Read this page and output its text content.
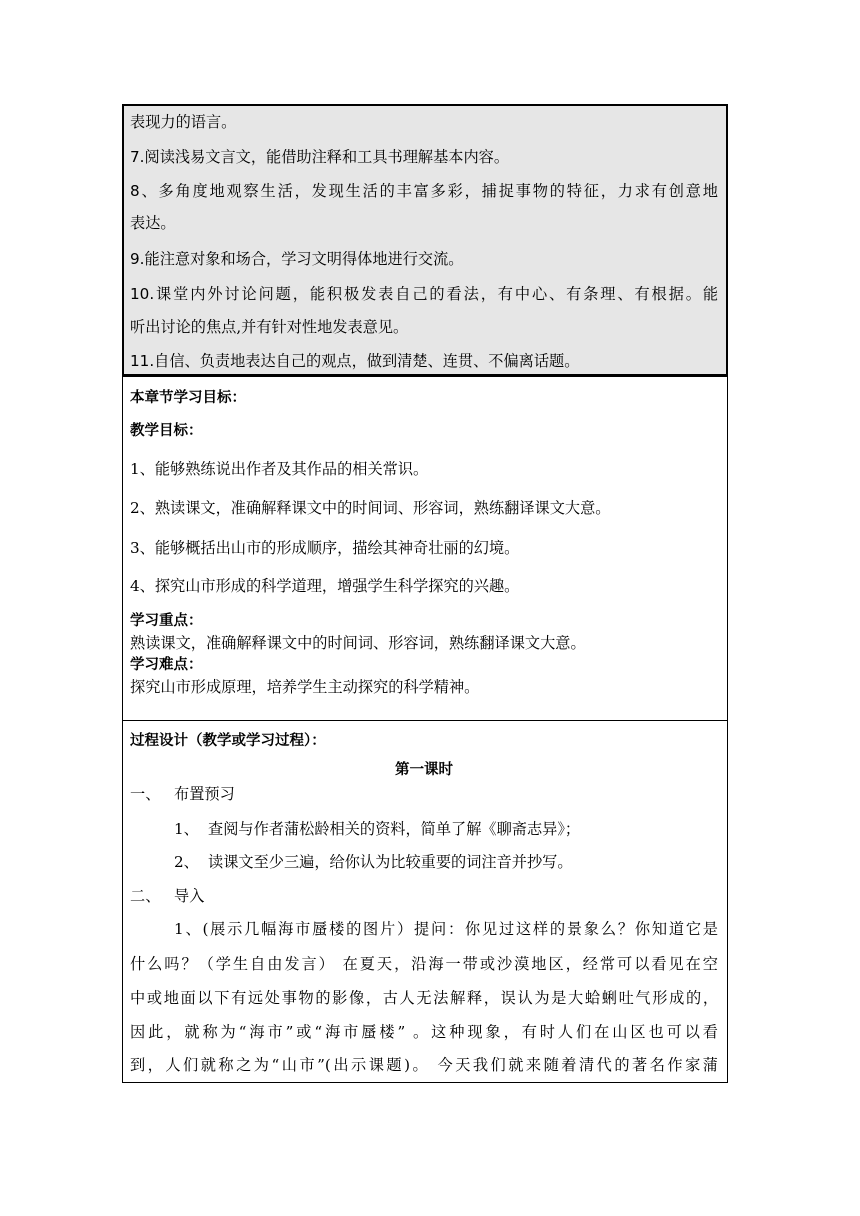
表现力的语言。
7.阅读浅易文言文，能借助注释和工具书理解基本内容。
8、多角度地观察生活，发现生活的丰富多彩，捕捉事物的特征，力求有创意地
表达。
9.能注意对象和场合，学习文明得体地进行交流。
10.课堂内外讨论问题，能积极发表自己的看法，有中心、有条理、有根据。能
听出讨论的焦点,并有针对性地发表意见。
11.自信、负责地表达自己的观点，做到清楚、连贯、不偏离话题。
本章节学习目标：
教学目标：
1、能够熟练说出作者及其作品的相关常识。
2、熟读课文，准确解释课文中的时间词、形容词，熟练翻译课文大意。
3、能够概括出山市的形成顺序，描绘其神奇壮丽的幻境。
4、探究山市形成的科学道理，增强学生科学探究的兴趣。
学习重点：
熟读课文，准确解释课文中的时间词、形容词，熟练翻译课文大意。
学习难点：
探究山市形成原理，培养学生主动探究的科学精神。
过程设计（教学或学习过程）：
第一课时
一、 布置预习
1、 查阅与作者蒲松龄相关的资料，简单了解《聊斋志异》；
2、 读课文至少三遍，给你认为比较重要的词注音并抄写。
二、 导入
1、(展示几幅海市蜃楼的图片）提问：你见过这样的景象么？你知道它是
什么吗？（学生自由发言） 在夏天，沿海一带或沙漠地区，经常可以看见在空
中或地面以下有远处事物的影像，古人无法解释，误认为是大蛤蜊吐气形成的，
因此，就称为“海市”或“海市蜃楼” 。这种现象，有时人们在山区也可以看
到，人们就称之为“山市”(出示课题)。 今天我们就来随着清代的著名作家蒲
